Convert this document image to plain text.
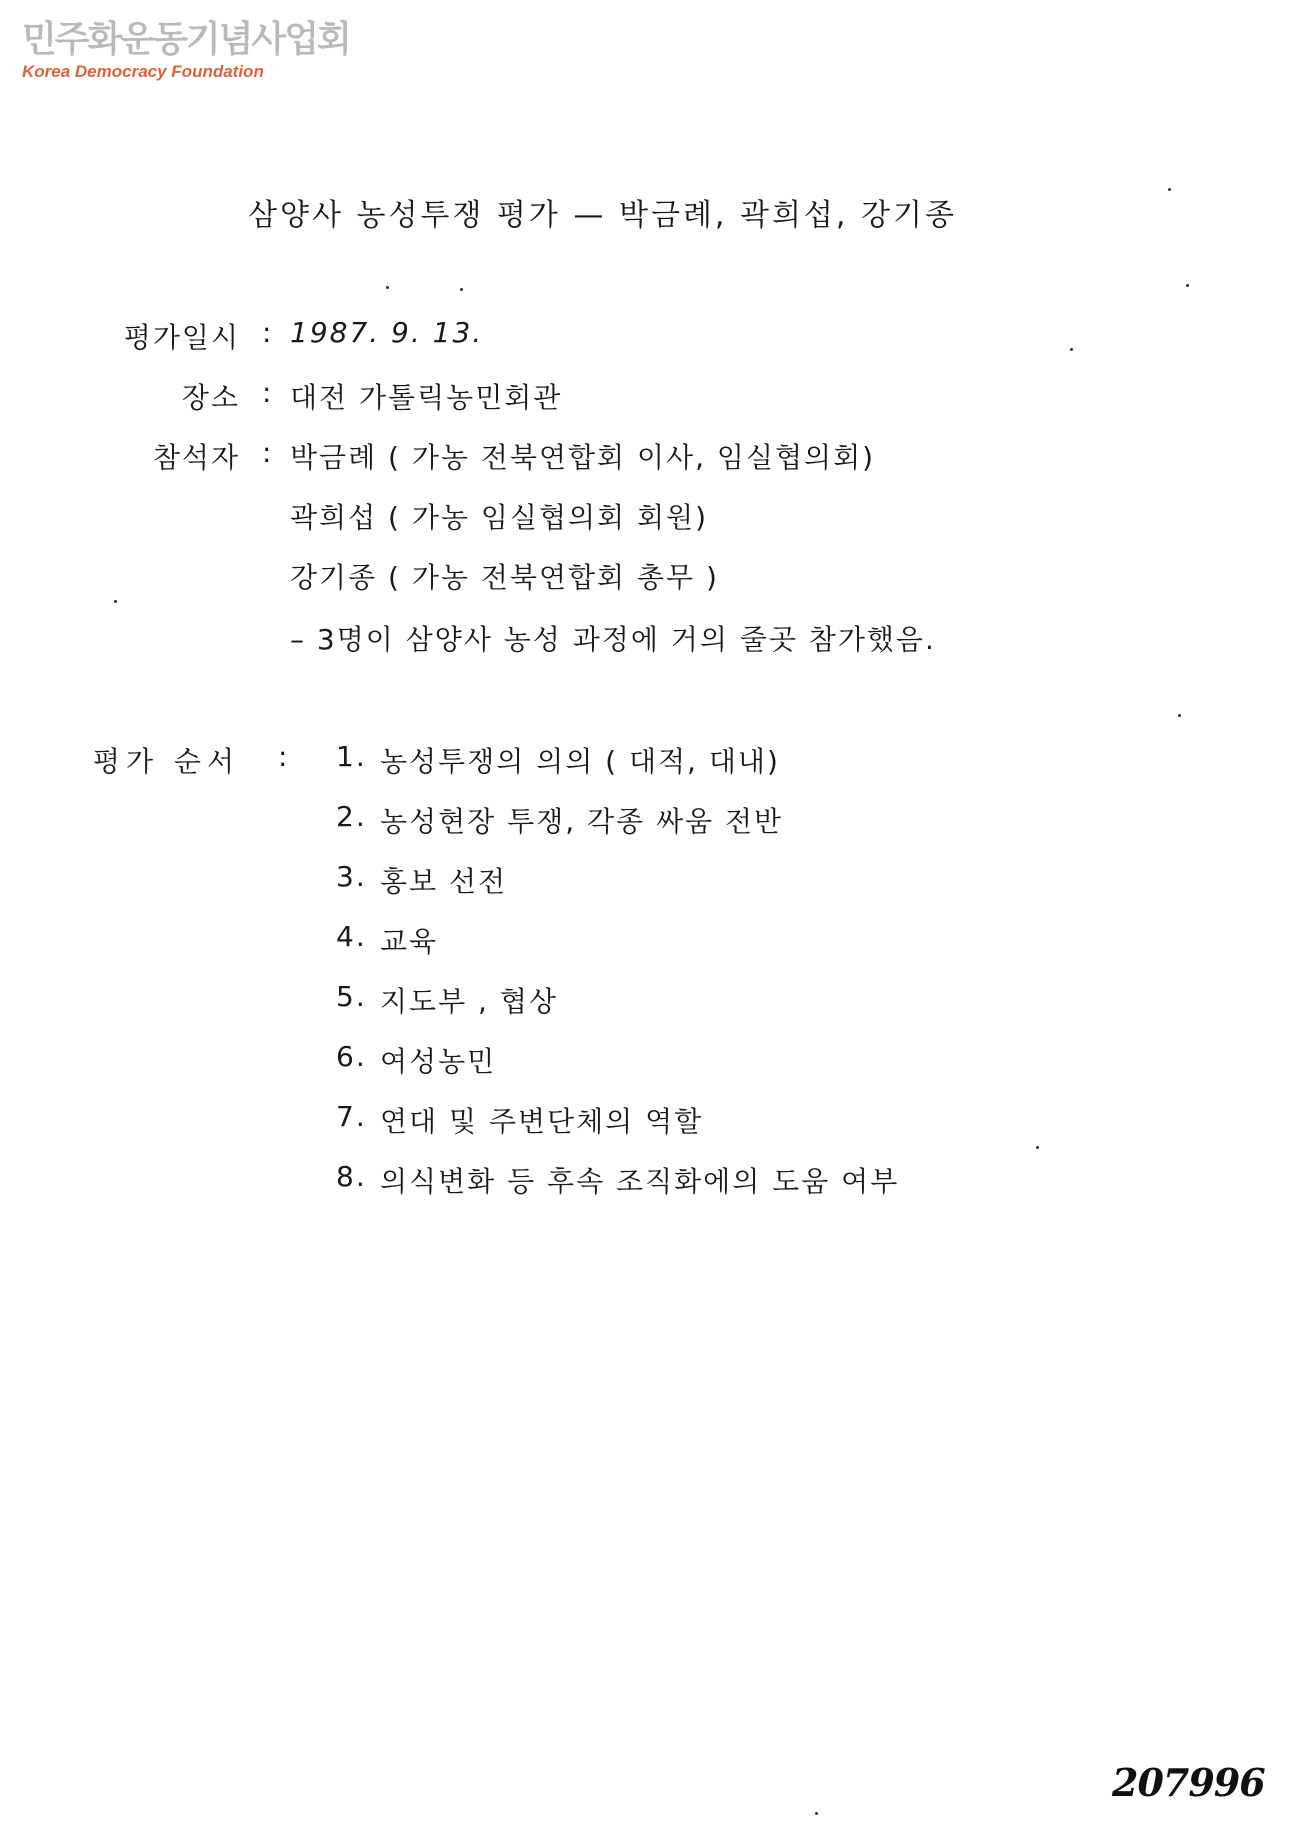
민주화운동기념사업회
Korea Democracy Foundation
삼양사 농성투쟁 평가 — 박금례, 곽희섭, 강기종
평가일시 : 1987. 9. 13.
장소 : 대전 가톨릭농민회관
참석자 : 박금례 ( 가농 전북연합회 이사, 임실협의회)
곽희섭 ( 가농 임실협의회 회원)
강기종 ( 가농 전북연합회 총무 )
– 3명이 삼양사 농성 과정에 거의 줄곳 참가했음.
평가 순서 : 1. 농성투쟁의 의의 ( 대적, 대내)
2. 농성현장 투쟁, 각종 싸움 전반
3. 홍보 선전
4. 교육
5. 지도부 , 협상
6. 여성농민
7. 연대 및 주변단체의 역할
8. 의식변화 등 후속 조직화에의 도움 여부
207996
